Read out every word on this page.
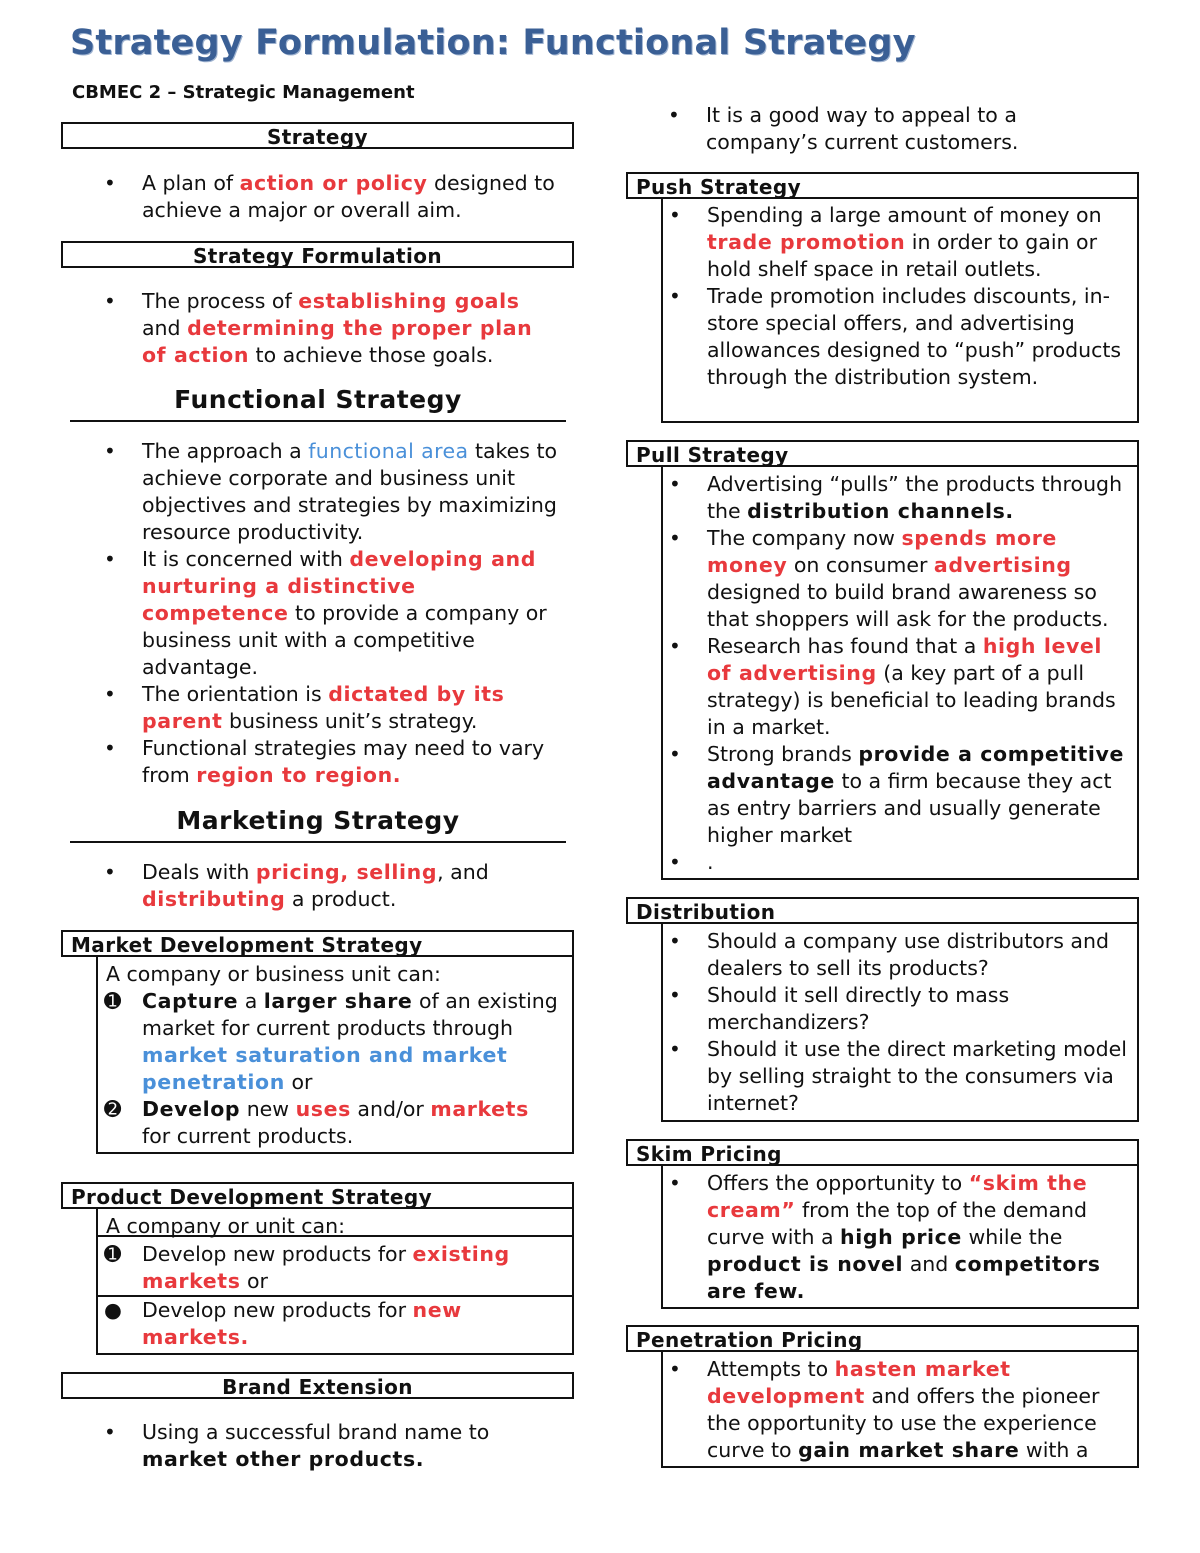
Strategy Formulation: Functional Strategy
CBMEC 2 – Strategic Management
Strategy
• A plan of action or policy designed to achieve a major or overall aim.
Strategy Formulation
• The process of establishing goals and determining the proper plan of action to achieve those goals.
Functional Strategy
• The approach a functional area takes to achieve corporate and business unit objectives and strategies by maximizing resource productivity.
• It is concerned with developing and nurturing a distinctive competence to provide a company or business unit with a competitive advantage.
• The orientation is dictated by its parent business unit’s strategy.
• Functional strategies may need to vary from region to region.
Marketing Strategy
• Deals with pricing, selling, and distributing a product.
Market Development Strategy
A company or business unit can:
➊	Capture a larger share of an existing market for current products through market saturation and market penetration or
➋	Develop new uses and/or markets for current products.
Product Development Strategy
A company or unit can:
➊	Develop new products for existing markets or
● Develop new products for new markets.
Brand Extension
• Using a successful brand name to market other products.
• It is a good way to appeal to a company’s current customers.
Push Strategy
• Spending a large amount of money on trade promotion in order to gain or hold shelf space in retail outlets.
• Trade promotion includes discounts, in-store special offers, and advertising allowances designed to “push” products through the distribution system.
Pull Strategy
• Advertising “pulls” the products through the distribution channels.
• The company now spends more money on consumer advertising designed to build brand awareness so that shoppers will ask for the products.
• Research has found that a high level of advertising (a key part of a pull strategy) is beneficial to leading brands in a market.
• Strong brands provide a competitive advantage to a firm because they act as entry barriers and usually generate higher market
• .
Distribution
• Should a company use distributors and dealers to sell its products?
• Should it sell directly to mass merchandizers?
• Should it use the direct marketing model by selling straight to the consumers via internet?
Skim Pricing
• Offers the opportunity to “skim the cream” from the top of the demand curve with a high price while the product is novel and competitors are few.
Penetration Pricing
• Attempts to hasten market development and offers the pioneer the opportunity to use the experience curve to gain market share with a
